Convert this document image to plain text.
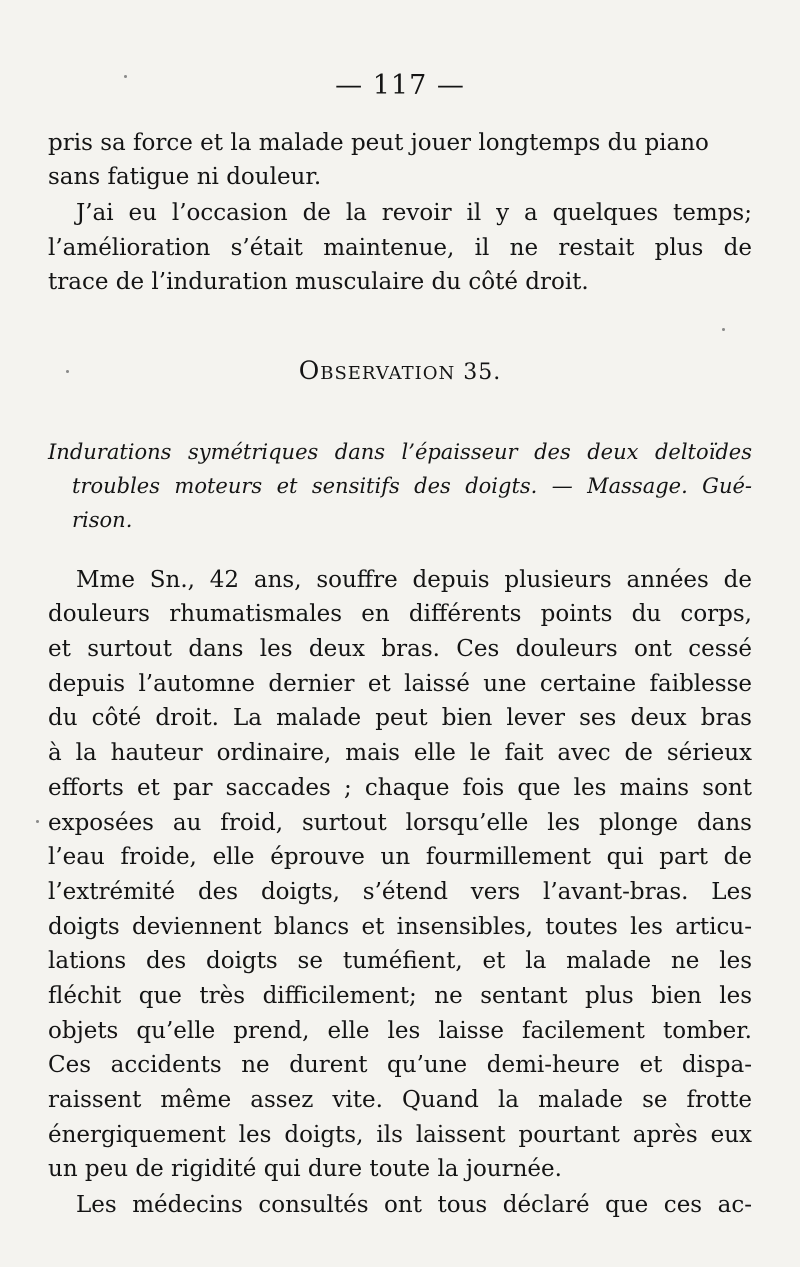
— 117 —
pris sa force et la malade peut jouer longtemps du piano
sans fatigue ni douleur.
J’ai eu l’occasion de la revoir il y a quelques temps;
l’amélioration s’était maintenue, il ne restait plus de
trace de l’induration musculaire du côté droit.
OBSERVATION 35.
Indurations symétriques dans l’épaisseur des deux deltoïdes
troubles moteurs et sensitifs des doigts. — Massage. Gué-
rison.
Mme Sn., 42 ans, souffre depuis plusieurs années de
douleurs rhumatismales en différents points du corps,
et surtout dans les deux bras. Ces douleurs ont cessé
depuis l’automne dernier et laissé une certaine faiblesse
du côté droit. La malade peut bien lever ses deux bras
à la hauteur ordinaire, mais elle le fait avec de sérieux
efforts et par saccades ; chaque fois que les mains sont
exposées au froid, surtout lorsqu’elle les plonge dans
l’eau froide, elle éprouve un fourmillement qui part de
l’extrémité des doigts, s’étend vers l’avant-bras. Les
doigts deviennent blancs et insensibles, toutes les articu-
lations des doigts se tuméfient, et la malade ne les
fléchit que très difficilement; ne sentant plus bien les
objets qu’elle prend, elle les laisse facilement tomber.
Ces accidents ne durent qu’une demi-heure et dispa-
raissent même assez vite. Quand la malade se frotte
énergiquement les doigts, ils laissent pourtant après eux
un peu de rigidité qui dure toute la journée.
Les médecins consultés ont tous déclaré que ces ac-
